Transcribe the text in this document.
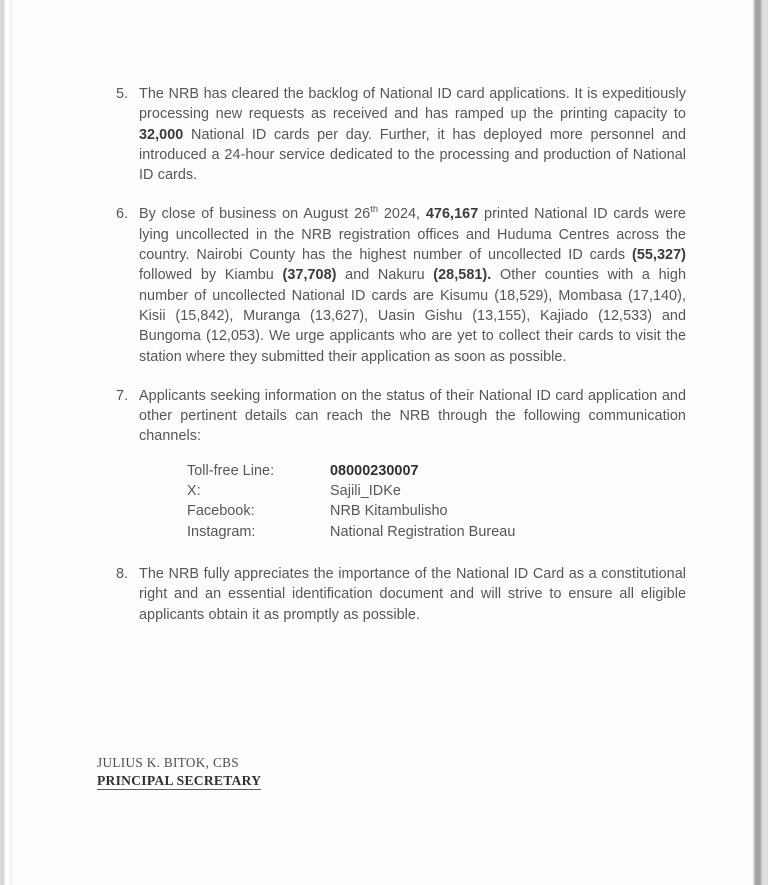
5. The NRB has cleared the backlog of National ID card applications. It is expeditiously processing new requests as received and has ramped up the printing capacity to 32,000 National ID cards per day. Further, it has deployed more personnel and introduced a 24-hour service dedicated to the processing and production of National ID cards.
6. By close of business on August 26th 2024, 476,167 printed National ID cards were lying uncollected in the NRB registration offices and Huduma Centres across the country. Nairobi County has the highest number of uncollected ID cards (55,327) followed by Kiambu (37,708) and Nakuru (28,581). Other counties with a high number of uncollected National ID cards are Kisumu (18,529), Mombasa (17,140), Kisii (15,842), Muranga (13,627), Uasin Gishu (13,155), Kajiado (12,533) and Bungoma (12,053). We urge applicants who are yet to collect their cards to visit the station where they submitted their application as soon as possible.
7. Applicants seeking information on the status of their National ID card application and other pertinent details can reach the NRB through the following communication channels:
Toll-free Line:	08000230007
X:	Sajili_IDKe
Facebook:	NRB Kitambulisho
Instagram:	National Registration Bureau
8. The NRB fully appreciates the importance of the National ID Card as a constitutional right and an essential identification document and will strive to ensure all eligible applicants obtain it as promptly as possible.
JULIUS K. BITOK, CBS
PRINCIPAL SECRETARY
